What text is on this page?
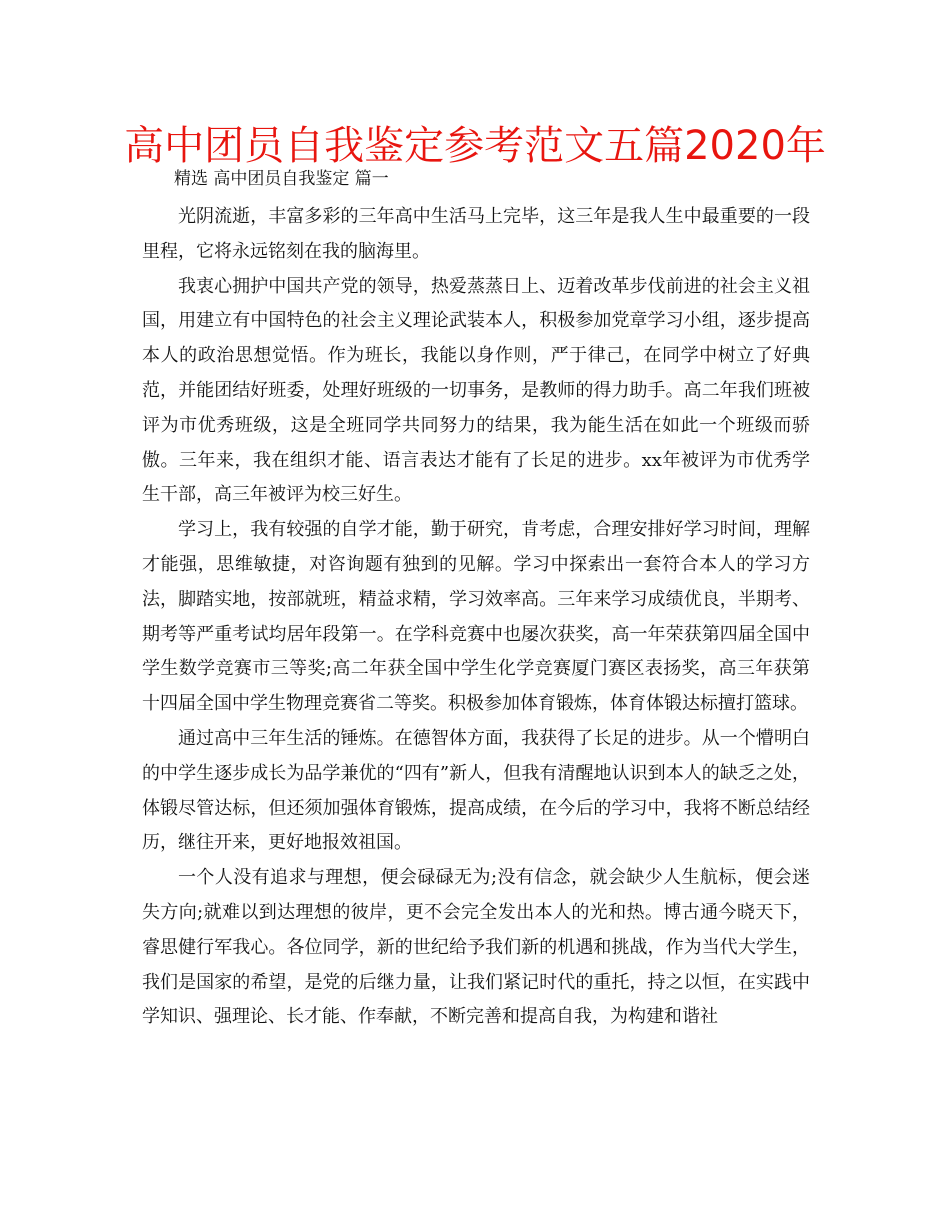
高中团员自我鉴定参考范文五篇2020年
精选 高中团员自我鉴定 篇一

光阴流逝，丰富多彩的三年高中生活马上完毕，这三年是我人生中最重要的一段里程，它将永远铭刻在我的脑海里。

我衷心拥护中国共产党的领导，热爱蒸蒸日上、迈着改革步伐前进的社会主义祖国，用建立有中国特色的社会主义理论武装本人，积极参加党章学习小组，逐步提高本人的政治思想觉悟。作为班长，我能以身作则，严于律己，在同学中树立了好典范，并能团结好班委，处理好班级的一切事务，是教师的得力助手。高二年我们班被评为市优秀班级，这是全班同学共同努力的结果，我为能生活在如此一个班级而骄傲。三年来，我在组织才能、语言表达才能有了长足的进步。xx年被评为市优秀学生干部，高三年被评为校三好生。

学习上，我有较强的自学才能，勤于研究，肯考虑，合理安排好学习时间，理解才能强，思维敏捷，对咨询题有独到的见解。学习中探索出一套符合本人的学习方法，脚踏实地，按部就班，精益求精，学习效率高。三年来学习成绩优良，半期考、期考等严重考试均居年段第一。在学科竞赛中也屡次获奖，高一年荣获第四届全国中学生数学竞赛市三等奖;高二年获全国中学生化学竞赛厦门赛区表扬奖，高三年获第十四届全国中学生物理竞赛省二等奖。积极参加体育锻炼，体育体锻达标擅打篮球。

通过高中三年生活的锤炼。在德智体方面，我获得了长足的进步。从一个懵明白的中学生逐步成长为品学兼优的“四有”新人，但我有清醒地认识到本人的缺乏之处，体锻尽管达标，但还须加强体育锻炼，提高成绩，在今后的学习中，我将不断总结经历，继往开来，更好地报效祖国。

一个人没有追求与理想，便会碌碌无为;没有信念，就会缺少人生航标，便会迷失方向;就难以到达理想的彼岸，更不会完全发出本人的光和热。博古通今晓天下，睿思健行军我心。各位同学，新的世纪给予我们新的机遇和挑战，作为当代大学生，我们是国家的希望，是党的后继力量，让我们紧记时代的重托，持之以恒，在实践中学知识、强理论、长才能、作奉献，不断完善和提高自我，为构建和谐社
